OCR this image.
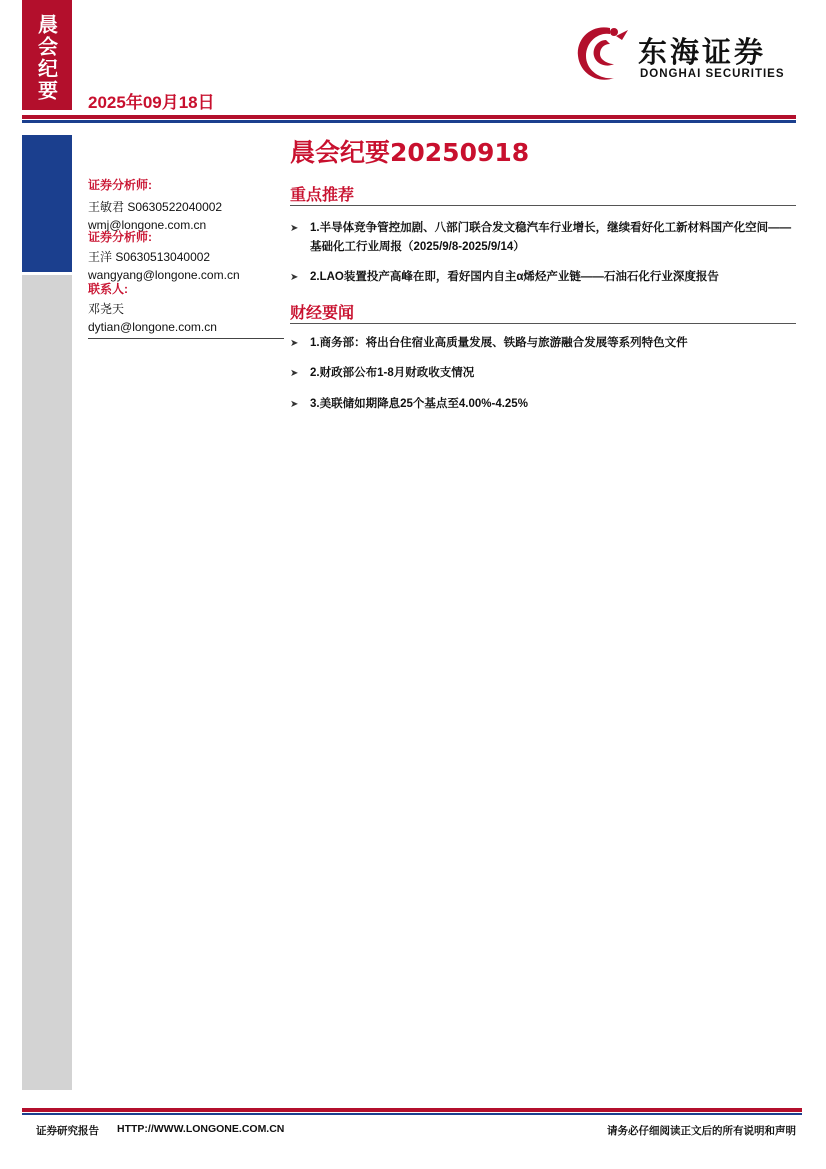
晨会纪要
2025年09月18日
东海证券
DONGHAI SECURITIES
证券分析师:
王敏君 S0630522040002
wmj@longone.com.cn
证券分析师:
王洋 S0630513040002
wangyang@longone.com.cn
联系人:
邓尧天
dytian@longone.com.cn
晨会纪要20250918
重点推荐
➤	1.半导体竞争管控加剧、八部门联合发文稳汽车行业增长，继续看好化工新材料国产化空间——基础化工行业周报（2025/9/8-2025/9/14）
➤	2.LAO装置投产高峰在即，看好国内自主α烯烃产业链——石油石化行业深度报告
财经要闻
➤	1.商务部：将出台住宿业高质量发展、铁路与旅游融合发展等系列特色文件
➤	2.财政部公布1-8月财政收支情况
➤	3.美联储如期降息25个基点至4.00%-4.25%
证券研究报告 HTTP://WWW.LONGONE.COM.CN	请务必仔细阅读正文后的所有说明和声明
